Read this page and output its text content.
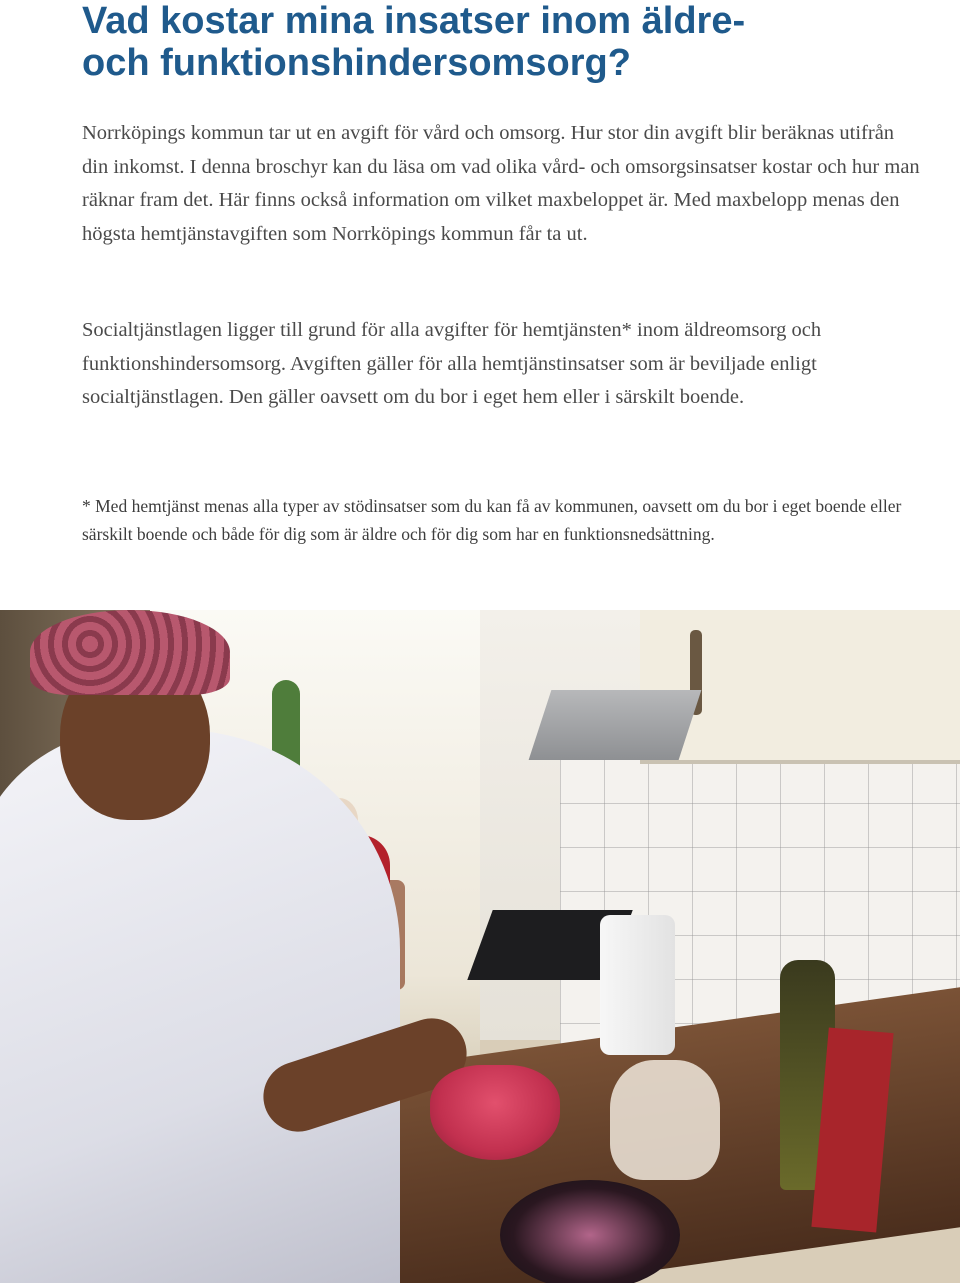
Vad kostar mina insatser inom äldre-
och funktionshindersomsorg?

Norrköpings kommun tar ut en avgift för vård och omsorg. Hur stor din avgift blir beräknas utifrån din inkomst. I denna broschyr kan du läsa om vad olika vård- och omsorgsinsatser kostar och hur man räknar fram det. Här finns också information om vilket maxbeloppet är. Med maxbelopp menas den högsta hemtjänstavgiften som Norrköpings kommun får ta ut.

Socialtjänstlagen ligger till grund för alla avgifter för hemtjänsten* inom äldreomsorg och funktionshindersomsorg. Avgiften gäller för alla hemtjänstinsatser som är beviljade enligt socialtjänstlagen. Den gäller oavsett om du bor i eget hem eller i särskilt boende.

* Med hemtjänst menas alla typer av stödinsatser som du kan få av kommunen, oavsett om du bor i eget boende eller särskilt boende och både för dig som är äldre och för dig som har en funktionsnedsättning.
